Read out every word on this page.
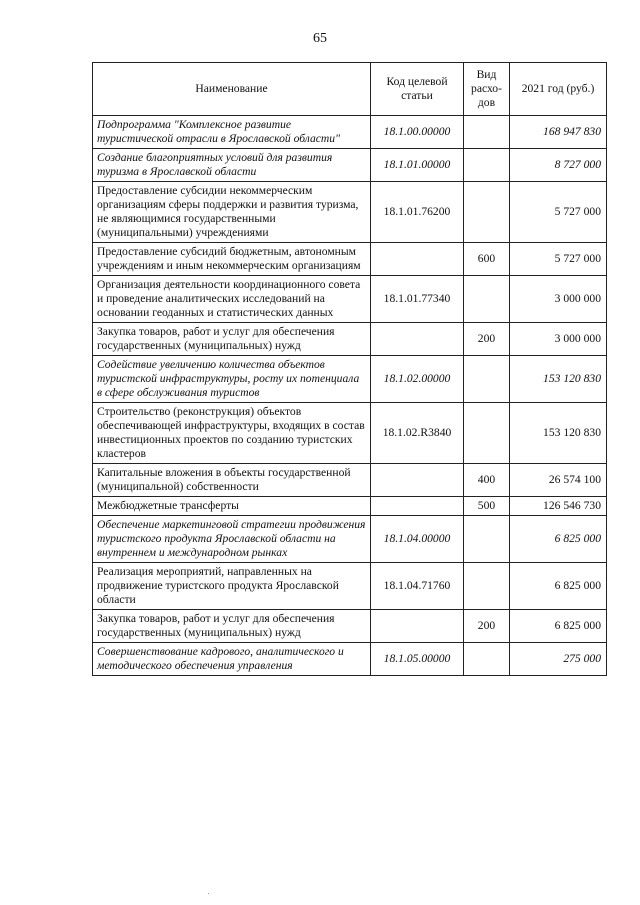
65
Наименование	Код целевой статьи	Вид расхо-дов	2021 год (руб.)
Подпрограмма "Комплексное развитие туристической отрасли в Ярославской области"	18.1.00.00000		168 947 830
Создание благоприятных условий для развития туризма в Ярославской области	18.1.01.00000		8 727 000
Предоставление субсидии некоммерческим организациям сферы поддержки и развития туризма, не являющимися государственными (муниципальными) учреждениями	18.1.01.76200		5 727 000
Предоставление субсидий бюджетным, автономным учреждениям и иным некоммерческим организациям		600	5 727 000
Организация деятельности координационного совета и проведение аналитических исследований на основании геоданных и статистических данных	18.1.01.77340		3 000 000
Закупка товаров, работ и услуг для обеспечения государственных (муниципальных) нужд		200	3 000 000
Содействие увеличению количества объектов туристской инфраструктуры, росту их потенциала в сфере обслуживания туристов	18.1.02.00000		153 120 830
Строительство (реконструкция) объектов обеспечивающей инфраструктуры, входящих в состав инвестиционных проектов по созданию туристских кластеров	18.1.02.R3840		153 120 830
Капитальные вложения в объекты государственной (муниципальной) собственности		400	26 574 100
Межбюджетные трансферты		500	126 546 730
Обеспечение маркетинговой стратегии продвижения туристского продукта Ярославской области на внутреннем и международном рынках	18.1.04.00000		6 825 000
Реализация мероприятий, направленных на продвижение туристского продукта Ярославской области	18.1.04.71760		6 825 000
Закупка товаров, работ и услуг для обеспечения государственных (муниципальных) нужд		200	6 825 000
Совершенствование кадрового, аналитического и методического обеспечения управления	18.1.05.00000		275 000
